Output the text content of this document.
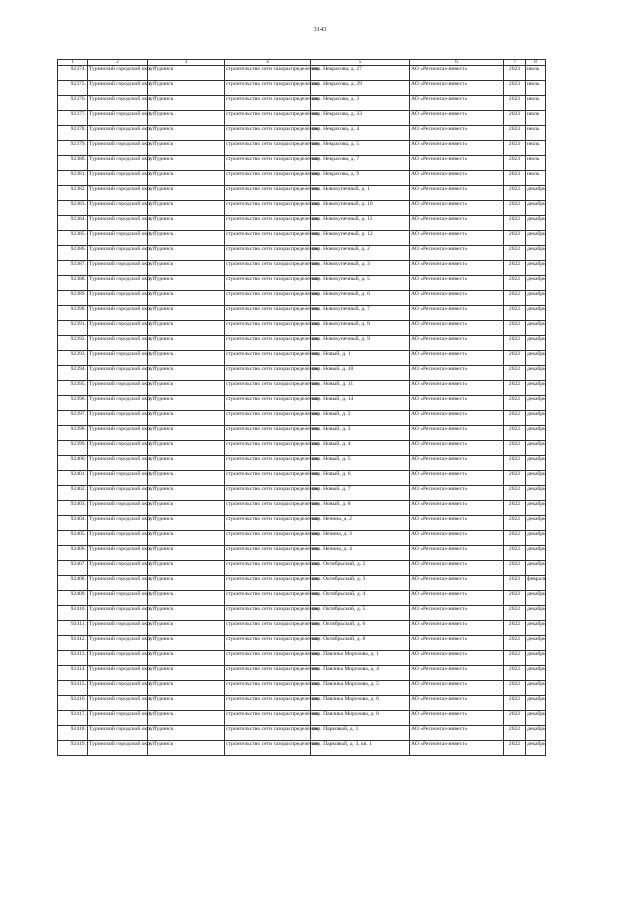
3143
1	2	3	4	5	6	7	8
92374.	Туринский городской округ	г. Туринск	строительство сети газораспределения	пер. Некрасова, д. 27	АО «Регионгаз-инвест»	2023	июль
92375.	Туринский городской округ	г. Туринск	строительство сети газораспределения	пер. Некрасова, д. 29	АО «Регионгаз-инвест»	2023	июль
92376.	Туринский городской округ	г. Туринск	строительство сети газораспределения	пер. Некрасова, д. 3	АО «Регионгаз-инвест»	2023	июль
92377.	Туринский городской округ	г. Туринск	строительство сети газораспределения	пер. Некрасова, д. 33	АО «Регионгаз-инвест»	2023	июль
92378.	Туринский городской округ	г. Туринск	строительство сети газораспределения	пер. Некрасова, д. 4	АО «Регионгаз-инвест»	2023	июль
92379.	Туринский городской округ	г. Туринск	строительство сети газораспределения	пер. Некрасова, д. 5	АО «Регионгаз-инвест»	2023	июль
92380.	Туринский городской округ	г. Туринск	строительство сети газораспределения	пер. Некрасова, д. 7	АО «Регионгаз-инвест»	2023	июль
92381.	Туринский городской округ	г. Туринск	строительство сети газораспределения	пер. Некрасова, д. 9	АО «Регионгаз-инвест»	2023	июль
92382.	Туринский городской округ	г. Туринск	строительство сети газораспределения	пер. Новокупечный, д. 1	АО «Регионгаз-инвест»	2022	декабрь
92383.	Туринский городской округ	г. Туринск	строительство сети газораспределения	пер. Новокупечный, д. 10	АО «Регионгаз-инвест»	2022	декабрь
92384.	Туринский городской округ	г. Туринск	строительство сети газораспределения	пер. Новокупечный, д. 11	АО «Регионгаз-инвест»	2022	декабрь
92385.	Туринский городской округ	г. Туринск	строительство сети газораспределения	пер. Новокупечный, д. 12	АО «Регионгаз-инвест»	2022	декабрь
92386.	Туринский городской округ	г. Туринск	строительство сети газораспределения	пер. Новокупечный, д. 2	АО «Регионгаз-инвест»	2022	декабрь
92387.	Туринский городской округ	г. Туринск	строительство сети газораспределения	пер. Новокупечный, д. 3	АО «Регионгаз-инвест»	2022	декабрь
92388.	Туринский городской округ	г. Туринск	строительство сети газораспределения	пер. Новокупечный, д. 5	АО «Регионгаз-инвест»	2022	декабрь
92389.	Туринский городской округ	г. Туринск	строительство сети газораспределения	пер. Новокупечный, д. 6	АО «Регионгаз-инвест»	2022	декабрь
92390.	Туринский городской округ	г. Туринск	строительство сети газораспределения	пер. Новокупечный, д. 7	АО «Регионгаз-инвест»	2022	декабрь
92391.	Туринский городской округ	г. Туринск	строительство сети газораспределения	пер. Новокупечный, д. 8	АО «Регионгаз-инвест»	2022	декабрь
92392.	Туринский городской округ	г. Туринск	строительство сети газораспределения	пер. Новокупечный, д. 9	АО «Регионгаз-инвест»	2022	декабрь
92393.	Туринский городской округ	г. Туринск	строительство сети газораспределения	пер. Новый, д. 1	АО «Регионгаз-инвест»	2022	декабрь
92394.	Туринский городской округ	г. Туринск	строительство сети газораспределения	пер. Новый, д. 10	АО «Регионгаз-инвест»	2022	декабрь
92395.	Туринский городской округ	г. Туринск	строительство сети газораспределения	пер. Новый, д. 11	АО «Регионгаз-инвест»	2022	декабрь
92396.	Туринский городской округ	г. Туринск	строительство сети газораспределения	пер. Новый, д. 14	АО «Регионгаз-инвест»	2022	декабрь
92397.	Туринский городской округ	г. Туринск	строительство сети газораспределения	пер. Новый, д. 2	АО «Регионгаз-инвест»	2022	декабрь
92398.	Туринский городской округ	г. Туринск	строительство сети газораспределения	пер. Новый, д. 3	АО «Регионгаз-инвест»	2022	декабрь
92399.	Туринский городской округ	г. Туринск	строительство сети газораспределения	пер. Новый, д. 4	АО «Регионгаз-инвест»	2022	декабрь
92400.	Туринский городской округ	г. Туринск	строительство сети газораспределения	пер. Новый, д. 5	АО «Регионгаз-инвест»	2022	декабрь
92401.	Туринский городской округ	г. Туринск	строительство сети газораспределения	пер. Новый, д. 6	АО «Регионгаз-инвест»	2022	декабрь
92402.	Туринский городской округ	г. Туринск	строительство сети газораспределения	пер. Новый, д. 7	АО «Регионгаз-инвест»	2022	декабрь
92403.	Туринский городской округ	г. Туринск	строительство сети газораспределения	пер. Новый, д. 8	АО «Регионгаз-инвест»	2022	декабрь
92404.	Туринский городской округ	г. Туринск	строительство сети газораспределения	пер. Нечина, д. 2	АО «Регионгаз-инвест»	2022	декабрь
92405.	Туринский городской округ	г. Туринск	строительство сети газораспределения	пер. Нечина, д. 3	АО «Регионгаз-инвест»	2022	декабрь
92406.	Туринский городской округ	г. Туринск	строительство сети газораспределения	пер. Нечина, д. 4	АО «Регионгаз-инвест»	2022	декабрь
92407.	Туринский городской округ	г. Туринск	строительство сети газораспределения	пер. Октябрьский, д. 2	АО «Регионгаз-инвест»	2022	декабрь
92408.	Туринский городской округ	г. Туринск	строительство сети газораспределения	пер. Октябрьский, д. 3	АО «Регионгаз-инвест»	2023	февраль
92409.	Туринский городской округ	г. Туринск	строительство сети газораспределения	пер. Октябрьский, д. 4	АО «Регионгаз-инвест»	2022	декабрь
92410.	Туринский городской округ	г. Туринск	строительство сети газораспределения	пер. Октябрьский, д. 5	АО «Регионгаз-инвест»	2022	декабрь
92411.	Туринский городской округ	г. Туринск	строительство сети газораспределения	пер. Октябрьский, д. 6	АО «Регионгаз-инвест»	2022	декабрь
92412.	Туринский городской округ	г. Туринск	строительство сети газораспределения	пер. Октябрьский, д. 8	АО «Регионгаз-инвест»	2022	декабрь
92413.	Туринский городской округ	г. Туринск	строительство сети газораспределения	пер. Павлика Морозова, д. 1	АО «Регионгаз-инвест»	2022	декабрь
92414.	Туринский городской округ	г. Туринск	строительство сети газораспределения	пер. Павлика Морозова, д. 4	АО «Регионгаз-инвест»	2022	декабрь
92415.	Туринский городской округ	г. Туринск	строительство сети газораспределения	пер. Павлика Морозова, д. 5	АО «Регионгаз-инвест»	2022	декабрь
92416.	Туринский городской округ	г. Туринск	строительство сети газораспределения	пер. Павлика Морозова, д. 6	АО «Регионгаз-инвест»	2022	декабрь
92417.	Туринский городской округ	г. Туринск	строительство сети газораспределения	пер. Павлика Морозова, д. 8	АО «Регионгаз-инвест»	2022	декабрь
92418.	Туринский городской округ	г. Туринск	строительство сети газораспределения	пер. Парковый, д. 1	АО «Регионгаз-инвест»	2022	декабрь
92419.	Туринский городской округ	г. Туринск	строительство сети газораспределения	пер. Парковый, д. 3, кв. 1	АО «Регионгаз-инвест»	2022	декабрь
